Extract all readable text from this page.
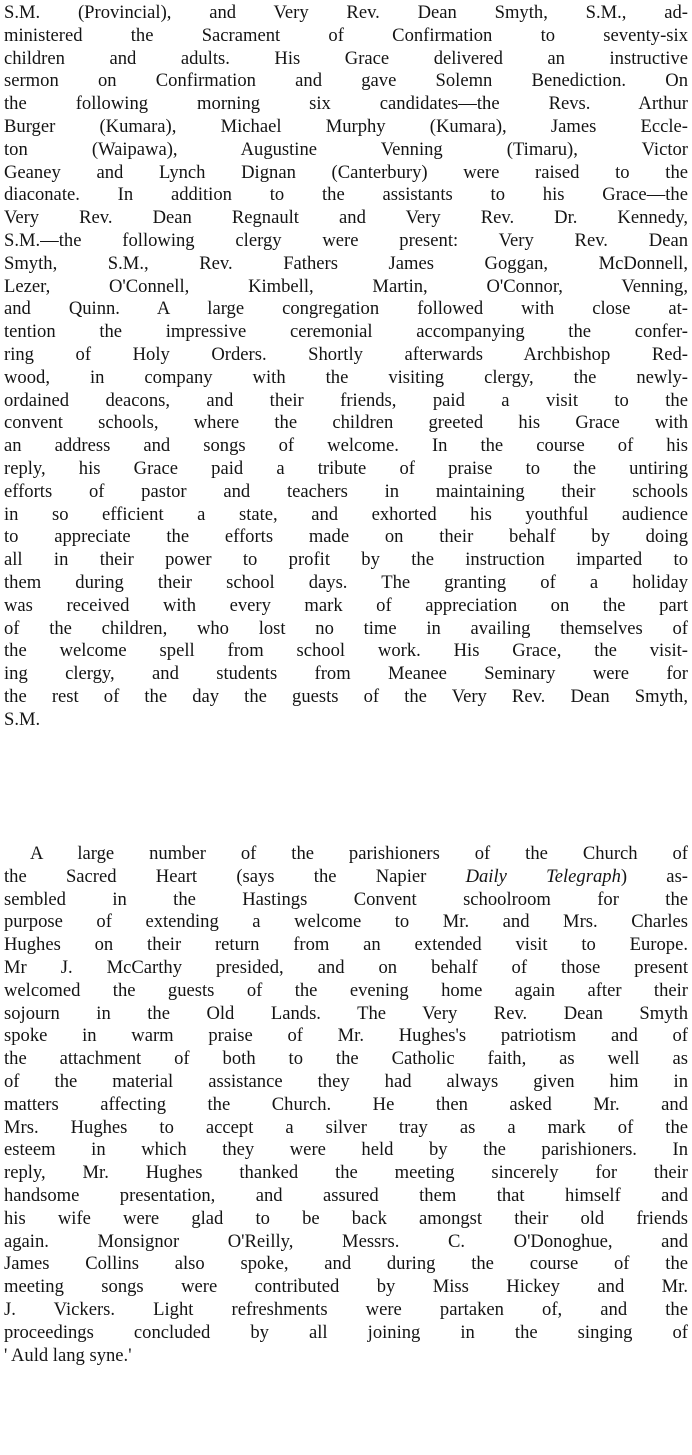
S.M. (Provincial), and Very Rev. Dean Smyth, S.M., ad-
ministered the Sacrament of Confirmation to seventy-six
children and adults. His Grace delivered an instructive
sermon on Confirmation and gave Solemn Benediction. On
the following morning six candidates—the Revs. Arthur
Burger (Kumara), Michael Murphy (Kumara), James Eccle-
ton (Waipawa), Augustine Venning (Timaru), Victor
Geaney and Lynch Dignan (Canterbury) were raised to the
diaconate. In addition to the assistants to his Grace—the
Very Rev. Dean Regnault and Very Rev. Dr. Kennedy,
S.M.—the following clergy were present: Very Rev. Dean
Smyth, S.M., Rev. Fathers James Goggan, McDonnell,
Lezer, O'Connell, Kimbell, Martin, O'Connor, Venning,
and Quinn. A large congregation followed with close at-
tention the impressive ceremonial accompanying the confer-
ring of Holy Orders. Shortly afterwards Archbishop Red-
wood, in company with the visiting clergy, the newly-
ordained deacons, and their friends, paid a visit to the
convent schools, where the children greeted his Grace with
an address and songs of welcome. In the course of his
reply, his Grace paid a tribute of praise to the untiring
efforts of pastor and teachers in maintaining their schools
in so efficient a state, and exhorted his youthful audience
to appreciate the efforts made on their behalf by doing
all in their power to profit by the instruction imparted to
them during their school days. The granting of a holiday
was received with every mark of appreciation on the part
of the children, who lost no time in availing themselves of
the welcome spell from school work. His Grace, the visit-
ing clergy, and students from Meanee Seminary were for
the rest of the day the guests of the Very Rev. Dean Smyth,
S.M.
A large number of the parishioners of the Church of
the Sacred Heart (says the Napier Daily Telegraph) as-
sembled in the Hastings Convent schoolroom for the
purpose of extending a welcome to Mr. and Mrs. Charles
Hughes on their return from an extended visit to Europe.
Mr J. McCarthy presided, and on behalf of those present
welcomed the guests of the evening home again after their
sojourn in the Old Lands. The Very Rev. Dean Smyth
spoke in warm praise of Mr. Hughes's patriotism and of
the attachment of both to the Catholic faith, as well as
of the material assistance they had always given him in
matters affecting the Church. He then asked Mr. and
Mrs. Hughes to accept a silver tray as a mark of the
esteem in which they were held by the parishioners. In
reply, Mr. Hughes thanked the meeting sincerely for their
handsome presentation, and assured them that himself and
his wife were glad to be back amongst their old friends
again. Monsignor O'Reilly, Messrs. C. O'Donoghue, and
James Collins also spoke, and during the course of the
meeting songs were contributed by Miss Hickey and Mr.
J. Vickers. Light refreshments were partaken of, and the
proceedings concluded by all joining in the singing of
' Auld lang syne.'
